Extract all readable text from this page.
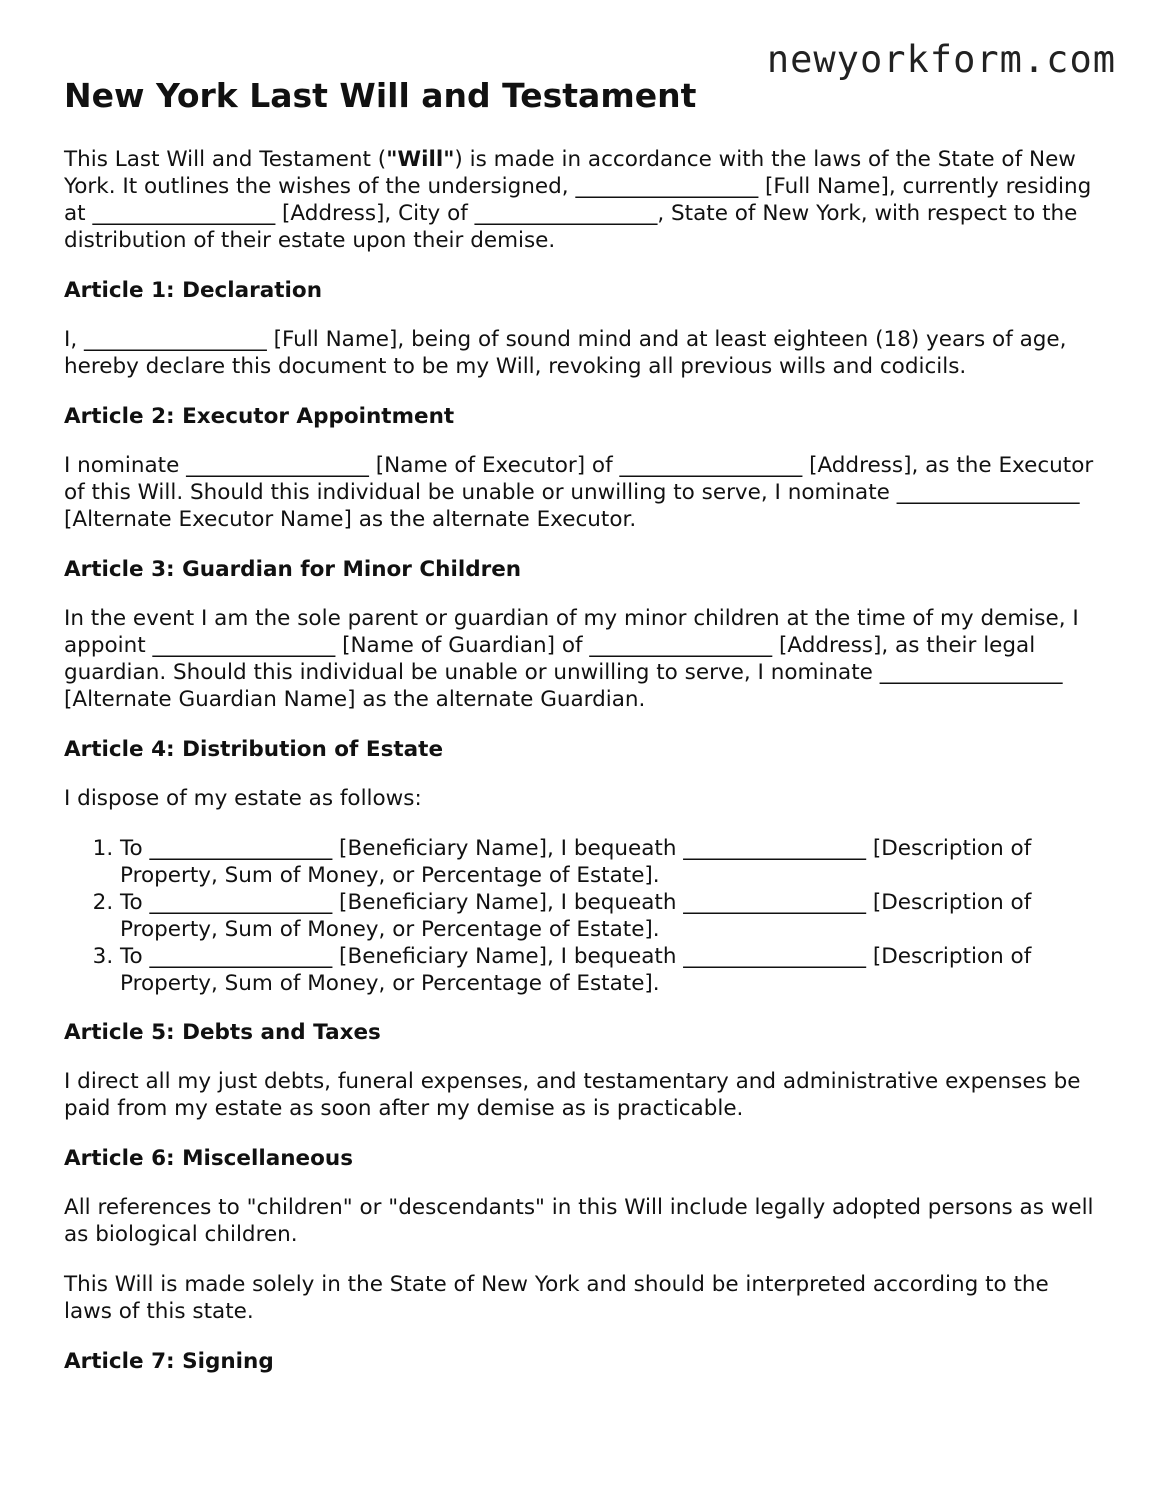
newyorkform.com
New York Last Will and Testament

This Last Will and Testament ("Will") is made in accordance with the laws of the State of New York. It outlines the wishes of the undersigned, _________________ [Full Name], currently residing at _________________ [Address], City of _________________, State of New York, with respect to the distribution of their estate upon their demise.

Article 1: Declaration

I, _________________ [Full Name], being of sound mind and at least eighteen (18) years of age, hereby declare this document to be my Will, revoking all previous wills and codicils.

Article 2: Executor Appointment

I nominate _________________ [Name of Executor] of _________________ [Address], as the Executor of this Will. Should this individual be unable or unwilling to serve, I nominate _________________ [Alternate Executor Name] as the alternate Executor.

Article 3: Guardian for Minor Children

In the event I am the sole parent or guardian of my minor children at the time of my demise, I appoint _________________ [Name of Guardian] of _________________ [Address], as their legal guardian. Should this individual be unable or unwilling to serve, I nominate _________________ [Alternate Guardian Name] as the alternate Guardian.

Article 4: Distribution of Estate

I dispose of my estate as follows:

1. To _________________ [Beneficiary Name], I bequeath _________________ [Description of Property, Sum of Money, or Percentage of Estate].
2. To _________________ [Beneficiary Name], I bequeath _________________ [Description of Property, Sum of Money, or Percentage of Estate].
3. To _________________ [Beneficiary Name], I bequeath _________________ [Description of Property, Sum of Money, or Percentage of Estate].
Article 5: Debts and Taxes

I direct all my just debts, funeral expenses, and testamentary and administrative expenses be paid from my estate as soon after my demise as is practicable.

Article 6: Miscellaneous

All references to "children" or "descendants" in this Will include legally adopted persons as well as biological children.

This Will is made solely in the State of New York and should be interpreted according to the laws of this state.

Article 7: Signing
